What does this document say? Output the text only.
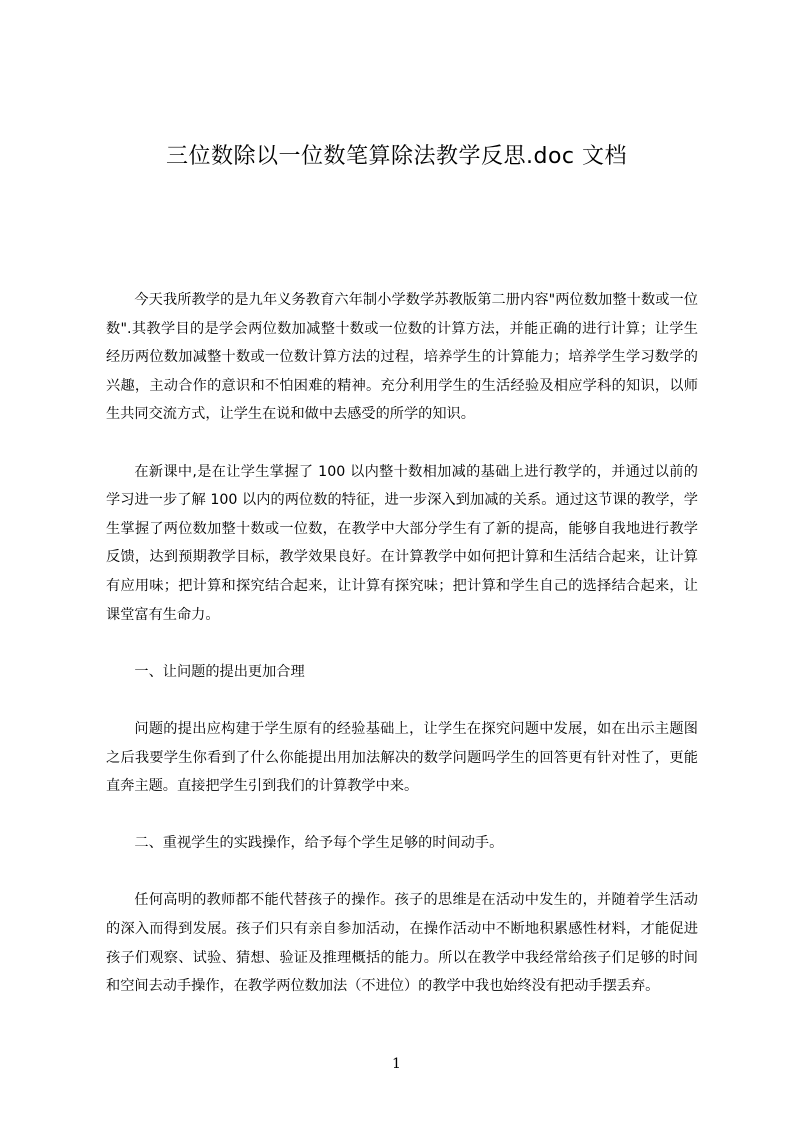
三位数除以一位数笔算除法教学反思.doc 文档

今天我所教学的是九年义务教育六年制小学数学苏教版第二册内容"两位数加整十数或一位数".其教学目的是学会两位数加减整十数或一位数的计算方法，并能正确的进行计算；让学生经历两位数加减整十数或一位数计算方法的过程，培养学生的计算能力；培养学生学习数学的兴趣，主动合作的意识和不怕困难的精神。充分利用学生的生活经验及相应学科的知识，以师生共同交流方式，让学生在说和做中去感受的所学的知识。

在新课中,是在让学生掌握了 100 以内整十数相加减的基础上进行教学的，并通过以前的学习进一步了解 100 以内的两位数的特征，进一步深入到加减的关系。通过这节课的教学，学生掌握了两位数加整十数或一位数，在教学中大部分学生有了新的提高，能够自我地进行教学反馈，达到预期教学目标，教学效果良好。在计算教学中如何把计算和生活结合起来，让计算有应用味；把计算和探究结合起来，让计算有探究味；把计算和学生自己的选择结合起来，让课堂富有生命力。

一、让问题的提出更加合理

问题的提出应构建于学生原有的经验基础上，让学生在探究问题中发展，如在出示主题图之后我要学生你看到了什么你能提出用加法解决的数学问题吗学生的回答更有针对性了，更能直奔主题。直接把学生引到我们的计算教学中来。

二、重视学生的实践操作，给予每个学生足够的时间动手。

任何高明的教师都不能代替孩子的操作。孩子的思维是在活动中发生的，并随着学生活动的深入而得到发展。孩子们只有亲自参加活动，在操作活动中不断地积累感性材料，才能促进孩子们观察、试验、猜想、验证及推理概括的能力。所以在教学中我经常给孩子们足够的时间和空间去动手操作，在教学两位数加法（不进位）的教学中我也始终没有把动手摆丢弃。

1
